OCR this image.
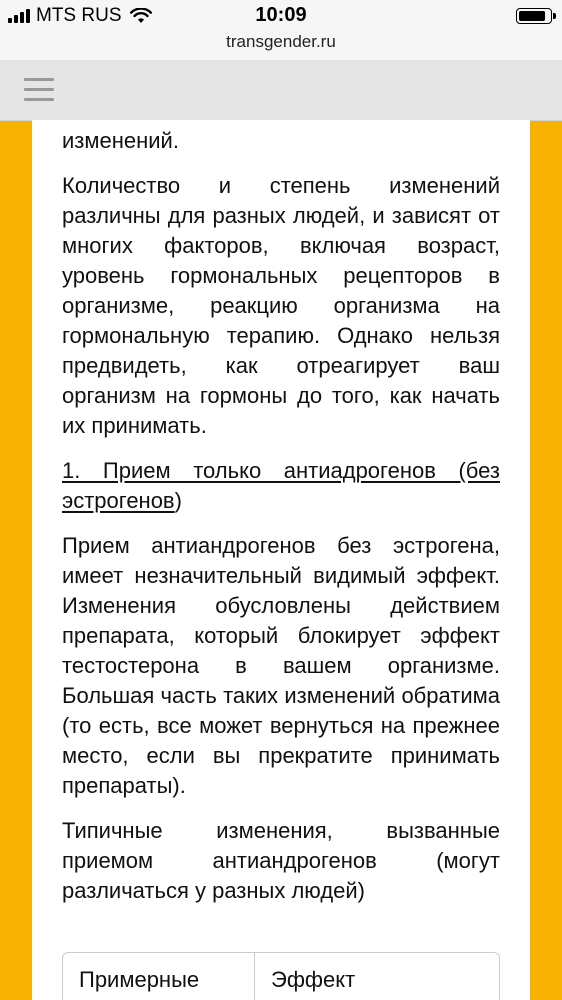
MTS RUS	10:09
transgender.ru

изменений.

Количество и степень изменений различны для разных людей, и зависят от многих факторов, включая возраст, уровень гормональных рецепторов в организме, реакцию организма на гормональную терапию. Однако нельзя предвидеть, как отреагирует ваш организм на гормоны до того, как начать их принимать.

1. Прием только антиадрогенов (без эстрогенов)

Прием антиандрогенов без эстрогена, имеет незначительный видимый эффект. Изменения обусловлены действием препарата, который блокирует эффект тестостерона в вашем организме. Большая часть таких изменений обратима (то есть, все может вернуться на прежнее место, если вы прекратите принимать препараты).

Типичные изменения, вызванные приемом антиандрогенов (могут различаться у разных людей)

Примерные	Эффект
